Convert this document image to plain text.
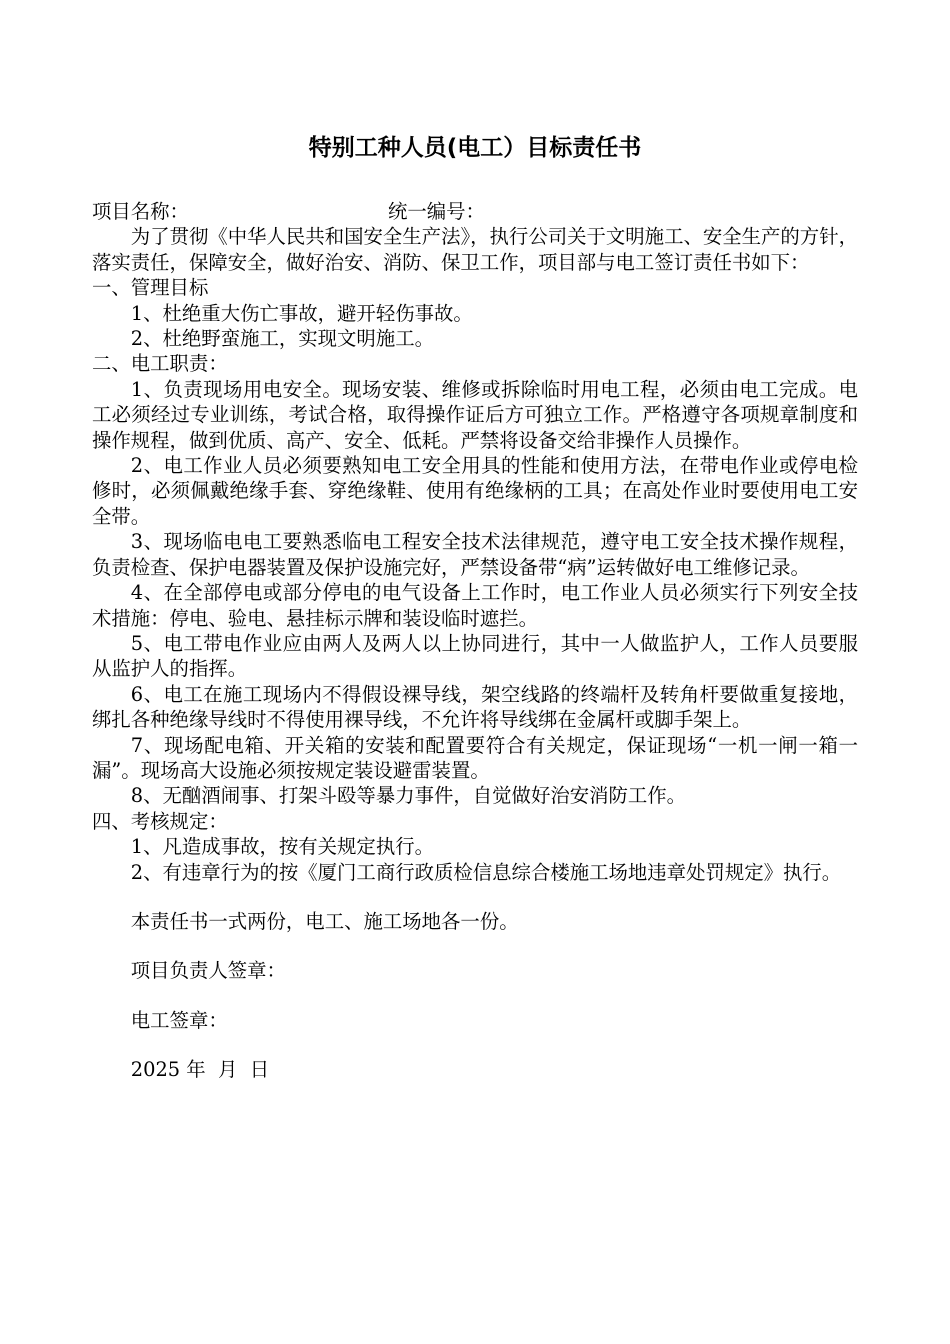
特别工种人员(电工）目标责任书

项目名称：	统一编号：

为了贯彻《中华人民共和国安全生产法》，执行公司关于文明施工、安全生产的方针，落实责任，保障安全，做好治安、消防、保卫工作，项目部与电工签订责任书如下：

一、管理目标

1、杜绝重大伤亡事故，避开轻伤事故。

2、杜绝野蛮施工，实现文明施工。

二、电工职责：

1、负责现场用电安全。现场安装、维修或拆除临时用电工程，必须由电工完成。电工必须经过专业训练，考试合格，取得操作证后方可独立工作。严格遵守各项规章制度和操作规程，做到优质、高产、安全、低耗。严禁将设备交给非操作人员操作。

2、电工作业人员必须要熟知电工安全用具的性能和使用方法，在带电作业或停电检修时，必须佩戴绝缘手套、穿绝缘鞋、使用有绝缘柄的工具；在高处作业时要使用电工安全带。

3、现场临电电工要熟悉临电工程安全技术法律规范，遵守电工安全技术操作规程，负责检查、保护电器装置及保护设施完好，严禁设备带“病”运转做好电工维修记录。

4、在全部停电或部分停电的电气设备上工作时，电工作业人员必须实行下列安全技术措施：停电、验电、悬挂标示牌和装设临时遮拦。

5、电工带电作业应由两人及两人以上协同进行，其中一人做监护人，工作人员要服从监护人的指挥。

6、电工在施工现场内不得假设裸导线，架空线路的终端杆及转角杆要做重复接地，绑扎各种绝缘导线时不得使用裸导线，不允许将导线绑在金属杆或脚手架上。

7、现场配电箱、开关箱的安装和配置要符合有关规定，保证现场“一机一闸一箱一漏”。现场高大设施必须按规定装设避雷装置。

8、无酗酒闹事、打架斗殴等暴力事件，自觉做好治安消防工作。

四、考核规定：

1、凡造成事故，按有关规定执行。

2、有违章行为的按《厦门工商行政质检信息综合楼施工场地违章处罚规定》执行。

本责任书一式两份，电工、施工场地各一份。

项目负责人签章：

电工签章：

2025 年  月  日
